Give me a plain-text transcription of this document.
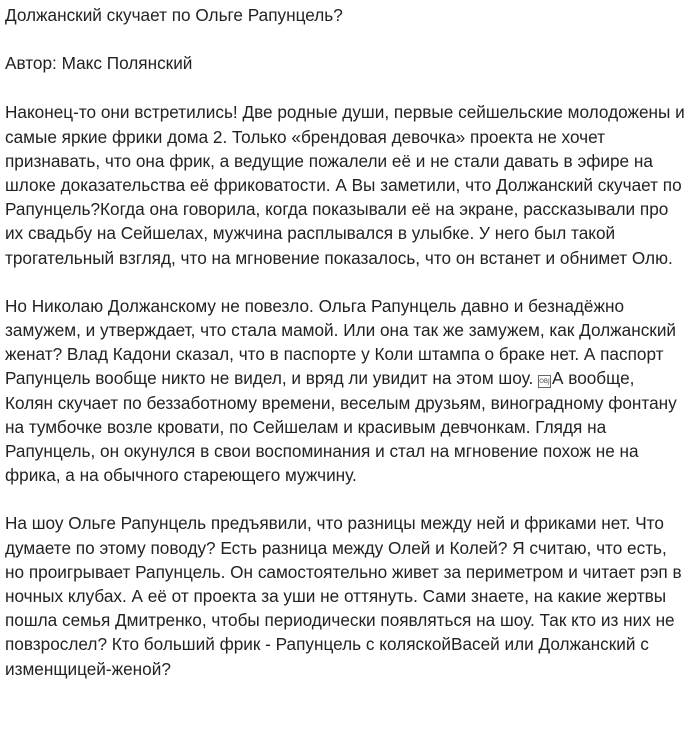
Должанский скучает по Ольге Рапунцель?

Автор: Макс Полянский

Наконец-то они встретились! Две родные души, первые сейшельские молодожены и самые яркие фрики дома 2. Только «брендовая девочка» проекта не хочет признавать, что она фрик, а ведущие пожалели её и не стали давать в эфире на шлоке доказательства её фриковатости. А Вы заметили, что Должанский скучает по Рапунцель?Когда она говорила, когда показывали её на экране, рассказывали про их свадьбу на Сейшелах, мужчина расплывался в улыбке. У него был такой трогательный взгляд, что на мгновение показалось, что он встанет и обнимет Олю.

Но Николаю Должанскому не повезло. Ольга Рапунцель давно и безнадёжно замужем, и утверждает, что стала мамой. Или она так же замужем, как Должанский женат? Влад Кадони сказал, что в паспорте у Коли штампа о браке нет. А паспорт Рапунцель вообще никто не видел, и вряд ли увидит на этом шоу. OBJ А вообще, Колян скучает по беззаботному времени, веселым друзьям, виноградному фонтану на тумбочке возле кровати, по Сейшелам и красивым девчонкам. Глядя на Рапунцель, он окунулся в свои воспоминания и стал на мгновение похож не на фрика, а на обычного стареющего мужчину.

На шоу Ольге Рапунцель предъявили, что разницы между ней и фриками нет. Что думаете по этому поводу? Есть разница между Олей и Колей? Я считаю, что есть, но проигрывает Рапунцель. Он самостоятельно живет за периметром и читает рэп в ночных клубах. А её от проекта за уши не оттянуть. Сами знаете, на какие жертвы пошла семья Дмитренко, чтобы периодически появляться на шоу. Так кто из них не повзрослел? Кто больший фрик - Рапунцель с коляскойВасей или Должанский с изменщицей-женой?
